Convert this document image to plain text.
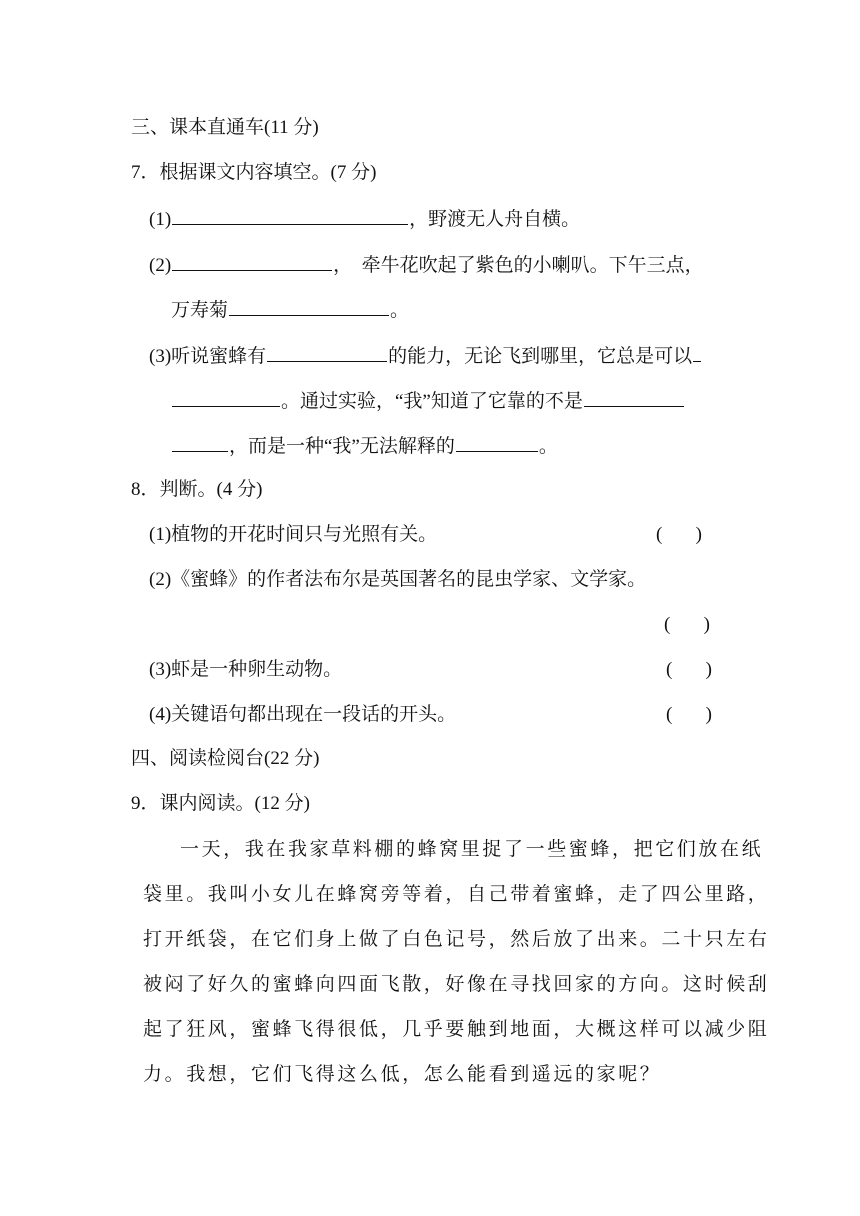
三、课本直通车(11 分)
7．根据课文内容填空。(7 分)
(1)	，野渡无人舟自横。
(2)	，  牵牛花吹起了紫色的小喇叭。下午三点，
万寿菊	。
(3)听说蜜蜂有	的能力，无论飞到哪里，它总是可以
。通过实验，“我”知道了它靠的不是
，而是一种“我”无法解释的	。
8．判断。(4 分)
(1)植物的开花时间只与光照有关。	(       )
(2)《蜜蜂》的作者法布尔是英国著名的昆虫学家、文学家。
(       )
(3)虾是一种卵生动物。	(       )
(4)关键语句都出现在一段话的开头。	(       )
四、阅读检阅台(22 分)
9．课内阅读。(12 分)
一天，我在我家草料棚的蜂窝里捉了一些蜜蜂，把它们放在纸
袋里。我叫小女儿在蜂窝旁等着，自己带着蜜蜂，走了四公里路，
打开纸袋，在它们身上做了白色记号，然后放了出来。二十只左右
被闷了好久的蜜蜂向四面飞散，好像在寻找回家的方向。这时候刮
起了狂风，蜜蜂飞得很低，几乎要触到地面，大概这样可以减少阻
力。我想，它们飞得这么低，怎么能看到遥远的家呢？
